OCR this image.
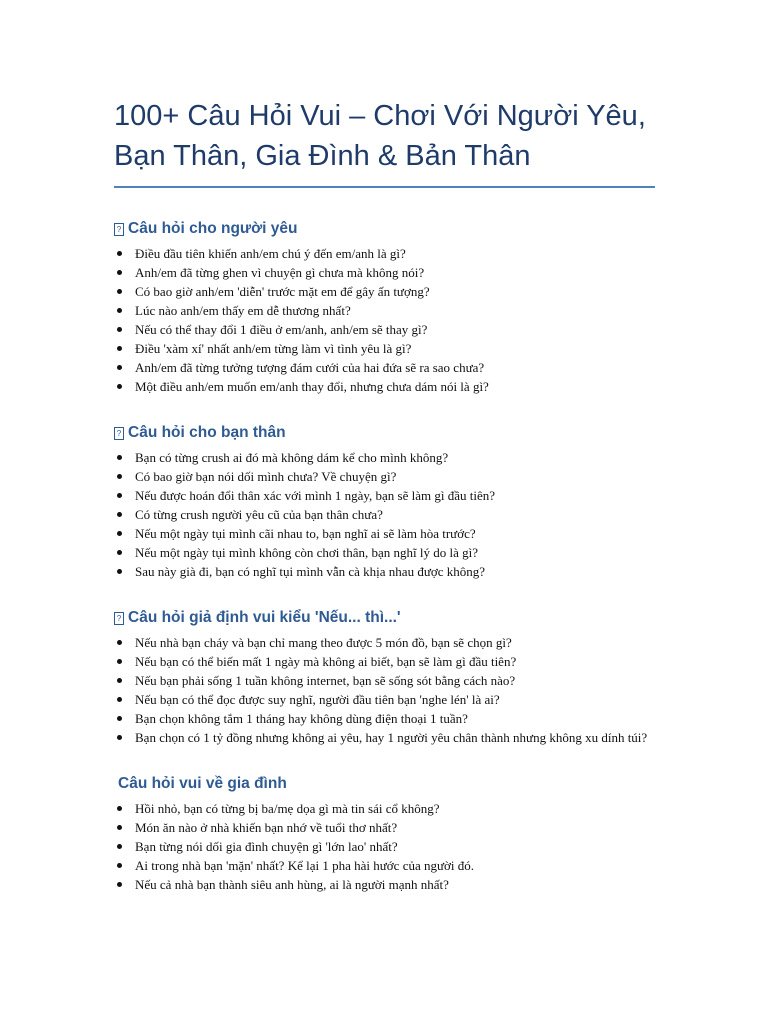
100+ Câu Hỏi Vui – Chơi Với Người Yêu,
Bạn Thân, Gia Đình & Bản Thân
? Câu hỏi cho người yêu
Điều đầu tiên khiến anh/em chú ý đến em/anh là gì?
Anh/em đã từng ghen vì chuyện gì chưa mà không nói?
Có bao giờ anh/em 'diễn' trước mặt em để gây ấn tượng?
Lúc nào anh/em thấy em dễ thương nhất?
Nếu có thể thay đổi 1 điều ở em/anh, anh/em sẽ thay gì?
Điều 'xàm xí' nhất anh/em từng làm vì tình yêu là gì?
Anh/em đã từng tưởng tượng đám cưới của hai đứa sẽ ra sao chưa?
Một điều anh/em muốn em/anh thay đổi, nhưng chưa dám nói là gì?
? Câu hỏi cho bạn thân
Bạn có từng crush ai đó mà không dám kể cho mình không?
Có bao giờ bạn nói dối mình chưa? Về chuyện gì?
Nếu được hoán đổi thân xác với mình 1 ngày, bạn sẽ làm gì đầu tiên?
Có từng crush người yêu cũ của bạn thân chưa?
Nếu một ngày tụi mình cãi nhau to, bạn nghĩ ai sẽ làm hòa trước?
Nếu một ngày tụi mình không còn chơi thân, bạn nghĩ lý do là gì?
Sau này già đi, bạn có nghĩ tụi mình vẫn cà khịa nhau được không?
? Câu hỏi giả định vui kiểu 'Nếu... thì...'
Nếu nhà bạn cháy và bạn chỉ mang theo được 5 món đồ, bạn sẽ chọn gì?
Nếu bạn có thể biến mất 1 ngày mà không ai biết, bạn sẽ làm gì đầu tiên?
Nếu bạn phải sống 1 tuần không internet, bạn sẽ sống sót bằng cách nào?
Nếu bạn có thể đọc được suy nghĩ, người đầu tiên bạn 'nghe lén' là ai?
Bạn chọn không tắm 1 tháng hay không dùng điện thoại 1 tuần?
Bạn chọn có 1 tỷ đồng nhưng không ai yêu, hay 1 người yêu chân thành nhưng không xu dính túi?
Câu hỏi vui về gia đình
Hồi nhỏ, bạn có từng bị ba/mẹ dọa gì mà tin sái cổ không?
Món ăn nào ở nhà khiến bạn nhớ về tuổi thơ nhất?
Bạn từng nói dối gia đình chuyện gì 'lớn lao' nhất?
Ai trong nhà bạn 'mặn' nhất? Kể lại 1 pha hài hước của người đó.
Nếu cả nhà bạn thành siêu anh hùng, ai là người mạnh nhất?
